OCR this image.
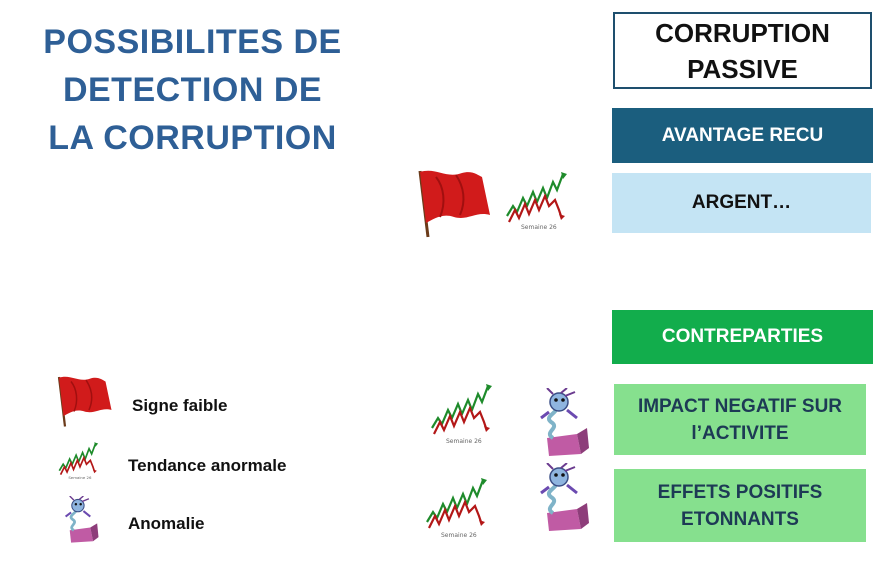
POSSIBILITES DE
DETECTION DE
LA CORRUPTION
CORRUPTION
PASSIVE
AVANTAGE RECU
ARGENT…
CONTREPARTIES
IMPACT NEGATIF SUR
l’ACTIVITE
EFFETS POSITIFS
ETONNANTS
Semaine 26
Semaine 26
Semaine 26
Signe faible
Semaine 26
Tendance anormale
Anomalie
